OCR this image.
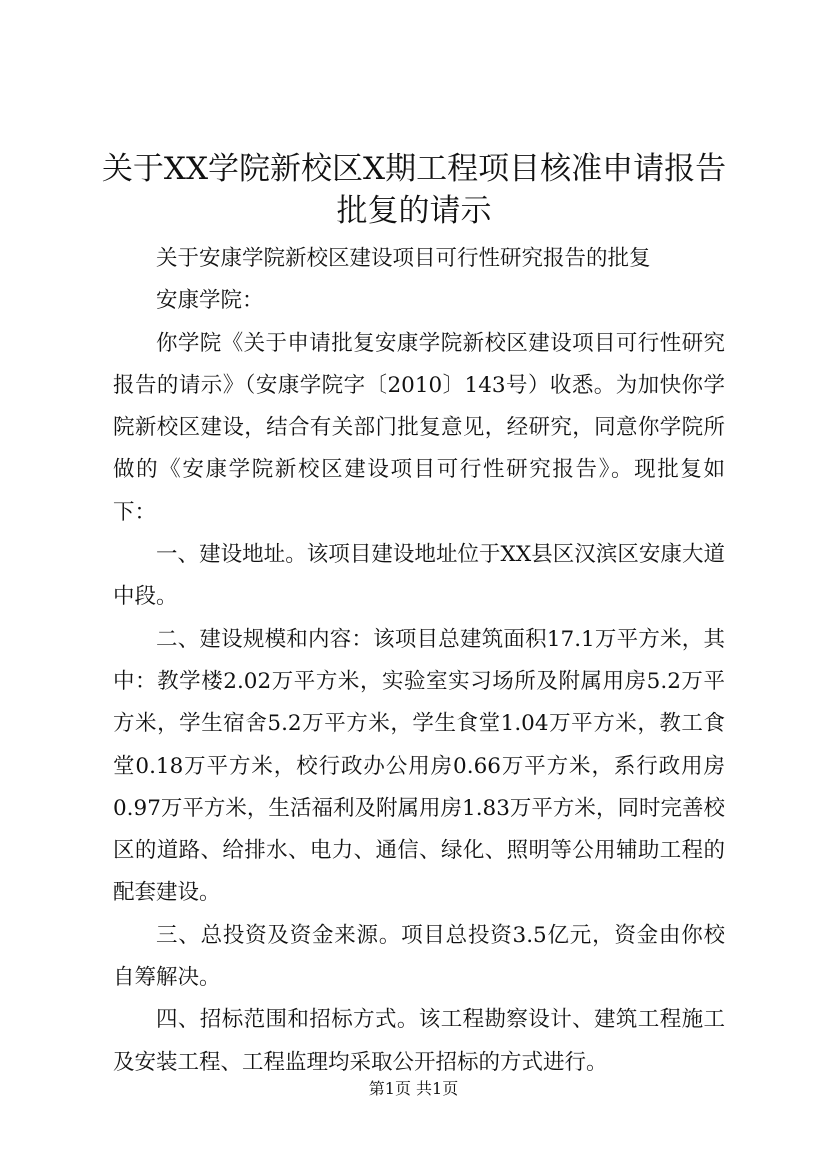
关于XX学院新校区X期工程项目核准申请报告批复的请示

关于安康学院新校区建设项目可行性研究报告的批复

安康学院：

你学院《关于申请批复安康学院新校区建设项目可行性研究报告的请示》（安康学院字〔2010〕143号）收悉。为加快你学院新校区建设，结合有关部门批复意见，经研究，同意你学院所做的《安康学院新校区建设项目可行性研究报告》。现批复如下：

一、建设地址。该项目建设地址位于XX县区汉滨区安康大道中段。

二、建设规模和内容：该项目总建筑面积17.1万平方米，其中：教学楼2.02万平方米，实验室实习场所及附属用房5.2万平方米，学生宿舍5.2万平方米，学生食堂1.04万平方米，教工食堂0.18万平方米，校行政办公用房0.66万平方米，系行政用房0.97万平方米，生活福利及附属用房1.83万平方米，同时完善校区的道路、给排水、电力、通信、绿化、照明等公用辅助工程的配套建设。

三、总投资及资金来源。项目总投资3.5亿元，资金由你校自筹解决。

四、招标范围和招标方式。该工程勘察设计、建筑工程施工及安装工程、工程监理均采取公开招标的方式进行。

第1页 共1页
